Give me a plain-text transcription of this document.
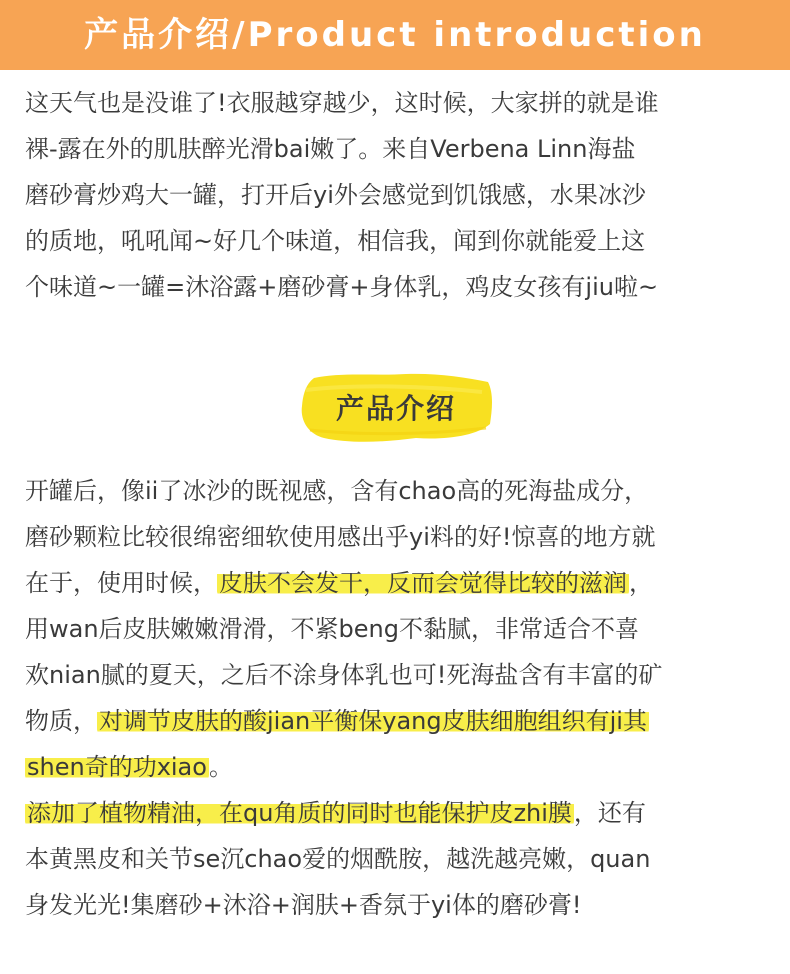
产品介绍/Product introduction
这天气也是没谁了!衣服越穿越少，这时候，大家拼的就是谁
裸-露在外的肌肤醉光滑bai嫩了。来自Verbena Linn海盐
磨砂膏炒鸡大一罐，打开后yi外会感觉到饥饿感，水果冰沙
的质地，吼吼闻~好几个味道，相信我，闻到你就能爱上这
个味道~一罐=沐浴露+磨砂膏+身体乳，鸡皮女孩有jiu啦~
产品介绍
开罐后，像ii了冰沙的既视感，含有chao高的死海盐成分，
磨砂颗粒比较很绵密细软使用感出乎yi料的好!惊喜的地方就
在于，使用时候，皮肤不会发干，反而会觉得比较的滋润，
用wan后皮肤嫩嫩滑滑，不紧beng不黏腻，非常适合不喜
欢nian腻的夏天，之后不涂身体乳也可!死海盐含有丰富的矿
物质，对调节皮肤的酸jian平衡保yang皮肤细胞组织有ji其
shen奇的功xiao。
添加了植物精油，在qu角质的同时也能保护皮zhi膜，还有
本黄黑皮和关节se沉chao爱的烟酰胺，越洗越亮嫩，quan
身发光光!集磨砂+沐浴+润肤+香氛于yi体的磨砂膏!
